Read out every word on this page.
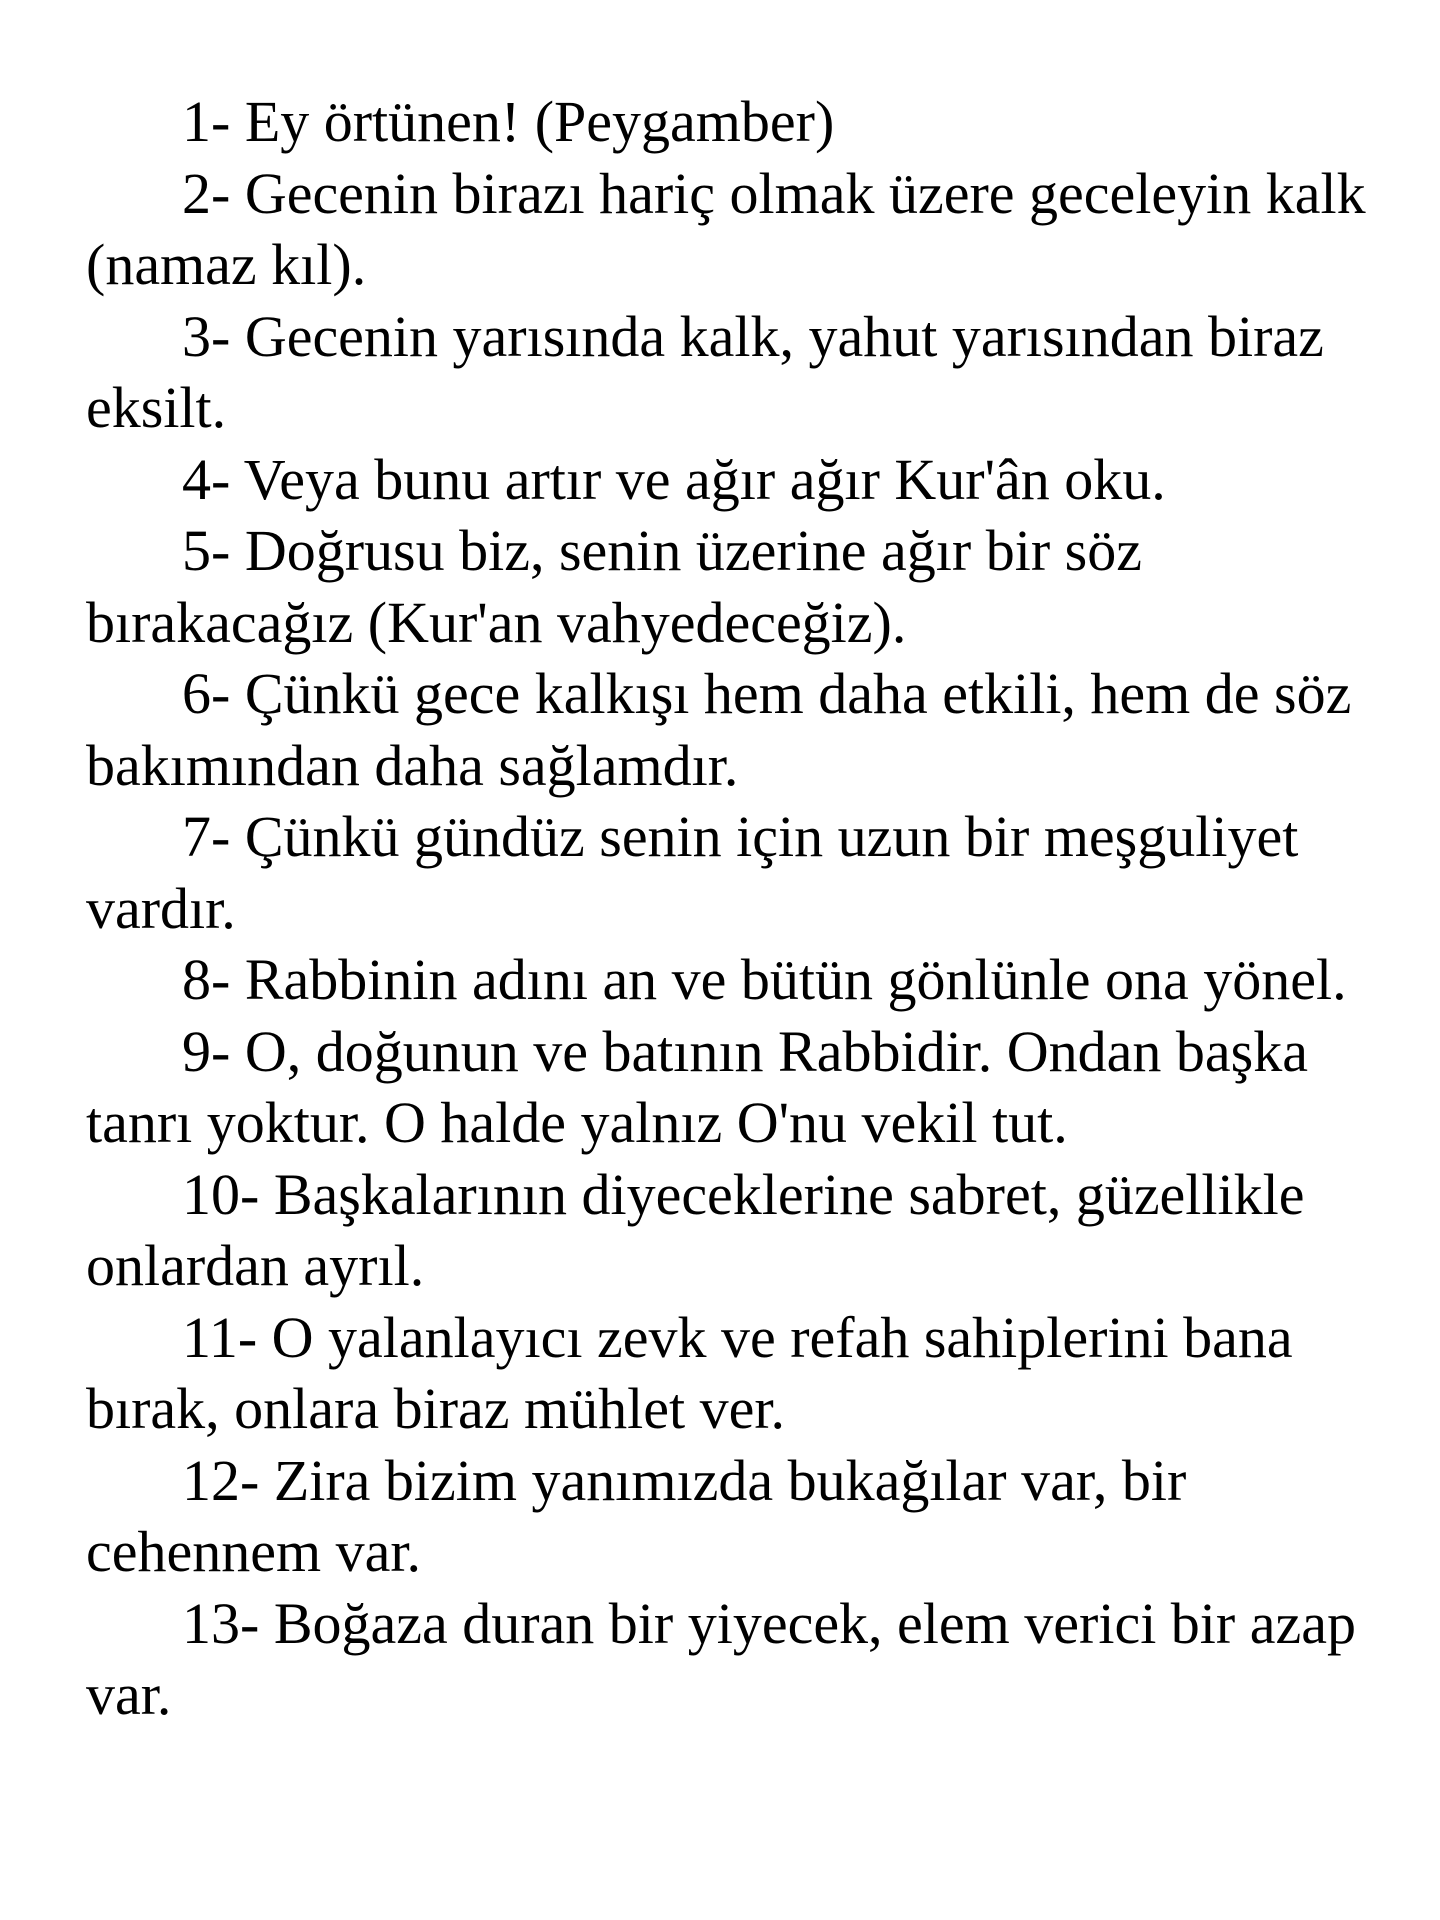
1- Ey örtünen! (Peygamber)

2- Gecenin birazı hariç olmak üzere geceleyin kalk (namaz kıl).

3- Gecenin yarısında kalk, yahut yarısından biraz eksilt.

4- Veya bunu artır ve ağır ağır Kur'ân oku.

5- Doğrusu biz, senin üzerine ağır bir söz bırakacağız (Kur'an vahyedeceğiz).

6- Çünkü gece kalkışı hem daha etkili, hem de söz bakımından daha sağlamdır.

7- Çünkü gündüz senin için uzun bir meşguliyet vardır.

8- Rabbinin adını an ve bütün gönlünle ona yönel.

9- O, doğunun ve batının Rabbidir. Ondan başka tanrı yoktur. O halde yalnız O'nu vekil tut.

10- Başkalarının diyeceklerine sabret, güzellikle onlardan ayrıl.

11- O yalanlayıcı zevk ve refah sahiplerini bana bırak, onlara biraz mühlet ver.

12- Zira bizim yanımızda bukağılar var, bir cehennem var.

13- Boğaza duran bir yiyecek, elem verici bir azap var.
